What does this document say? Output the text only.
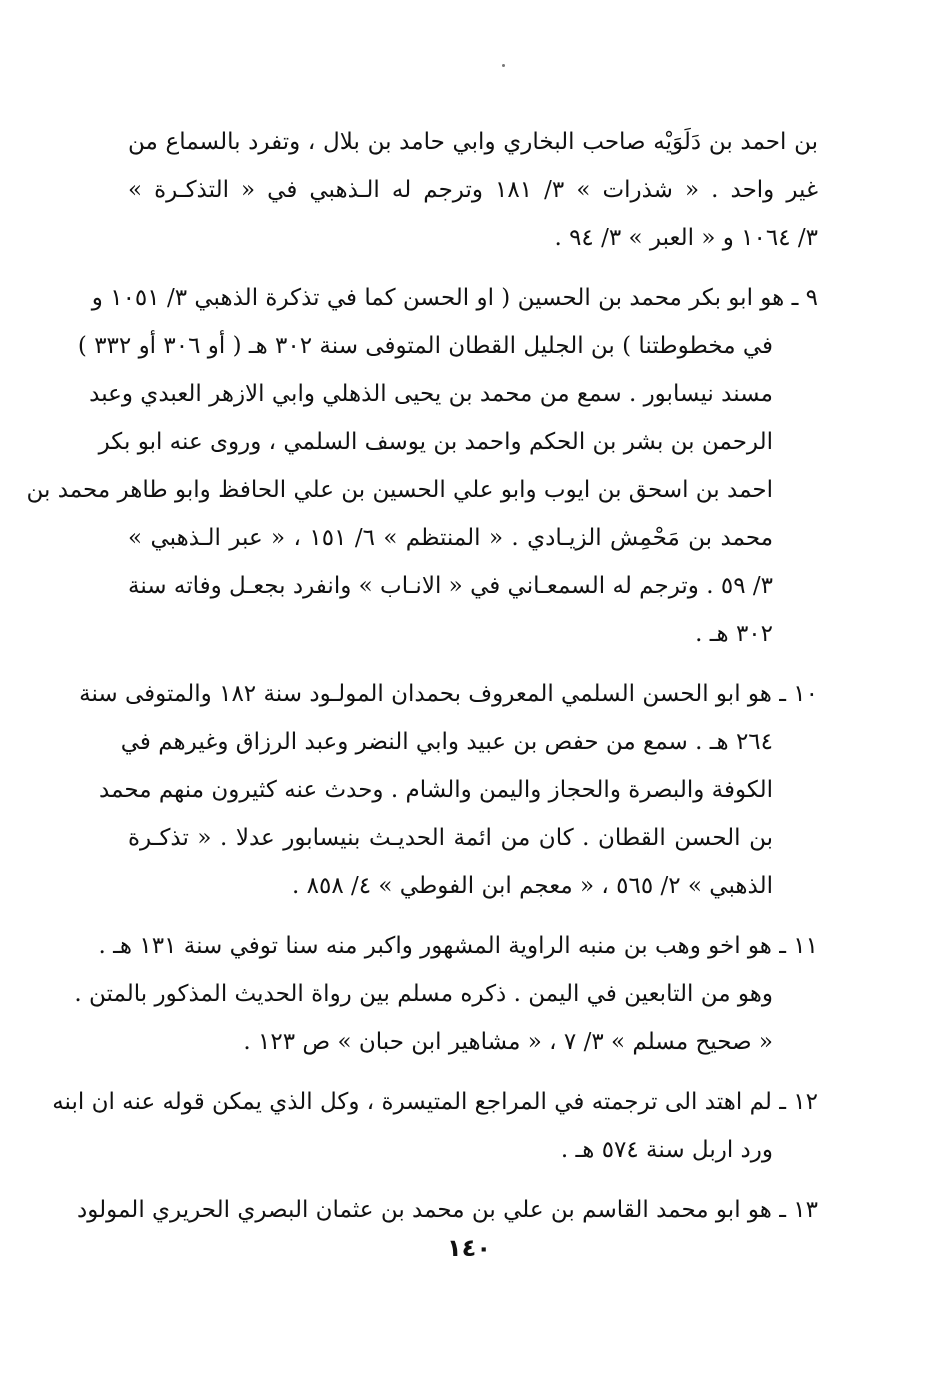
بن احمد بن دَلَوَيْه صاحب البخاري وابي حامد بن بلال ، وتفرد بالسماع من
غير واحد . « شذرات » ٣/ ١٨١ وترجم له الـذهبي في « التذكـرة »
٣/ ١٠٦٤ و « العبر » ٣/ ٩٤ .
٩ ـ هو ابو بكر محمد بن الحسين ( او الحسن كما في تذكرة الذهبي ٣/ ١٠٥١ و
في مخطوطتنا ) بن الجليل القطان المتوفى سنة ٣٠٢ هـ ( أو ٣٠٦ أو ٣٣٢ )
مسند نيسابور . سمع من محمد بن يحيى الذهلي وابي الازهر العبدي وعبد
الرحمن بن بشر بن الحكم واحمد بن يوسف السلمي ، وروى عنه ابو بكر
احمد بن اسحق بن ايوب وابو علي الحسين بن علي الحافظ وابو طاهر محمد بن
محمد بن مَحْمِش الزيـادي . « المنتظم » ٦/ ١٥١ ، « عبر الـذهبي »
٣/ ٥٩ . وترجم له السمعـاني في « الانـاب » وانفرد بجعـل وفاته سنة
٣٠٢ هـ .
١٠ ـ هو ابو الحسن السلمي المعروف بحمدان المولـود سنة ١٨٢ والمتوفى سنة
٢٦٤ هـ . سمع من حفص بن عبيد وابي النضر وعبد الرزاق وغيرهم في
الكوفة والبصرة والحجاز واليمن والشام . وحدث عنه كثيرون منهم محمد
بن الحسن القطان . كان من ائمة الحديـث بنيسابور عدلا . « تذكـرة
الذهبي » ٢/ ٥٦٥ ، « معجم ابن الفوطي » ٤/ ٨٥٨ .
١١ ـ هو اخو وهب بن منبه الراوية المشهور واكبر منه سنا توفي سنة ١٣١ هـ .
وهو من التابعين في اليمن . ذكره مسلم بين رواة الحديث المذكور بالمتن .
« صحيح مسلم » ٣/ ٧ ، « مشاهير ابن حبان » ص ١٢٣ .
١٢ ـ لم اهتد الى ترجمته في المراجع المتيسرة ، وكل الذي يمكن قوله عنه ان ابنه
ورد اربل سنة ٥٧٤ هـ .
١٣ ـ هو ابو محمد القاسم بن علي بن محمد بن عثمان البصري الحريري المولود
١٤٠
